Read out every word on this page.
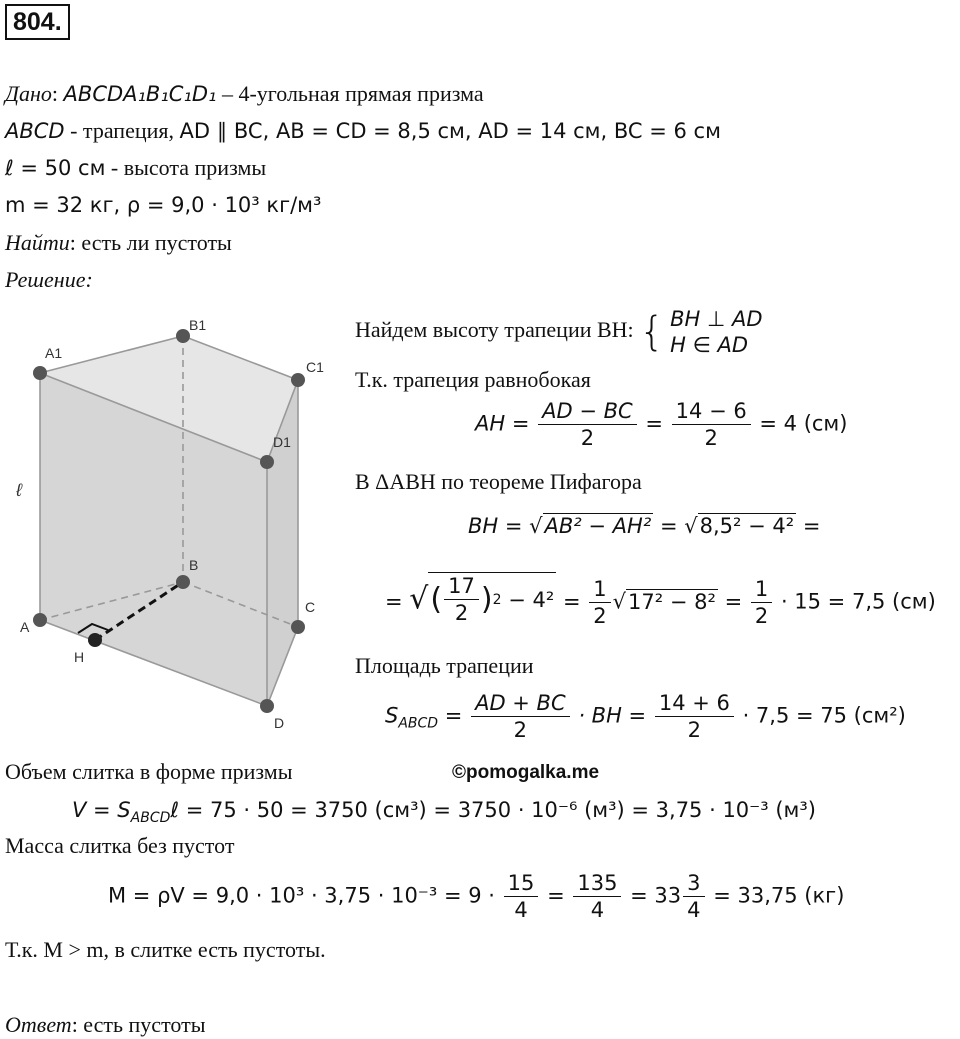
804.
Дано: ABCDA₁B₁C₁D₁ – 4-угольная прямая призма
ABCD - трапеция, AD ∥ BC, AB = CD = 8,5 см, AD = 14 см, BC = 6 см
ℓ = 50 см - высота призмы
m = 32 кг, ρ = 9,0 · 10³ кг/м³
Найти: есть ли пустоты
Решение:
A1
B1
C1
D1
A
B
C
D
H
ℓ
Найдем высоту трапеции BH: { BH ⊥ AD
H ∈ AD
Т.к. трапеция равнобокая
AH = $\frac{AD - BC}{2} = \frac{14 - 6}{2} = 4$ (см)
В ΔABH по теореме Пифагора
BH = √AB² − AH² = √8,5² − 4² =
= √ ( $\frac{17}{2}$ ) 2
− $4^2 = \frac{1}{2} √17^2 - 8^2 = \frac{1}{2} \cdot 15 = 7,5$ (см)
Площадь трапеции
$S_{ABCD} = \frac{AD + BC}{2}$ · BH = $\frac{14 + 6}{2} \cdot 7,5 = 75$ (см²)
Объем слитка в форме призмы	©pomogalka.me
$V = S_{ABCD}\ell = 75 \cdot 50 = 3750$ (см³) = 3750 · 10⁻⁶ (м³) = 3,75 · 10⁻³ (м³)
Масса слитка без пустот
$M = \rho V = 9,0 \cdot 10^3 \cdot 3,75 \cdot 10^{-3} = 9 \cdot \frac{15}{4} = \frac{135}{4} = 33 \frac{3}{4} = 33,75$ (кг)
Т.к. M > m, в слитке есть пустоты.
Ответ: есть пустоты
